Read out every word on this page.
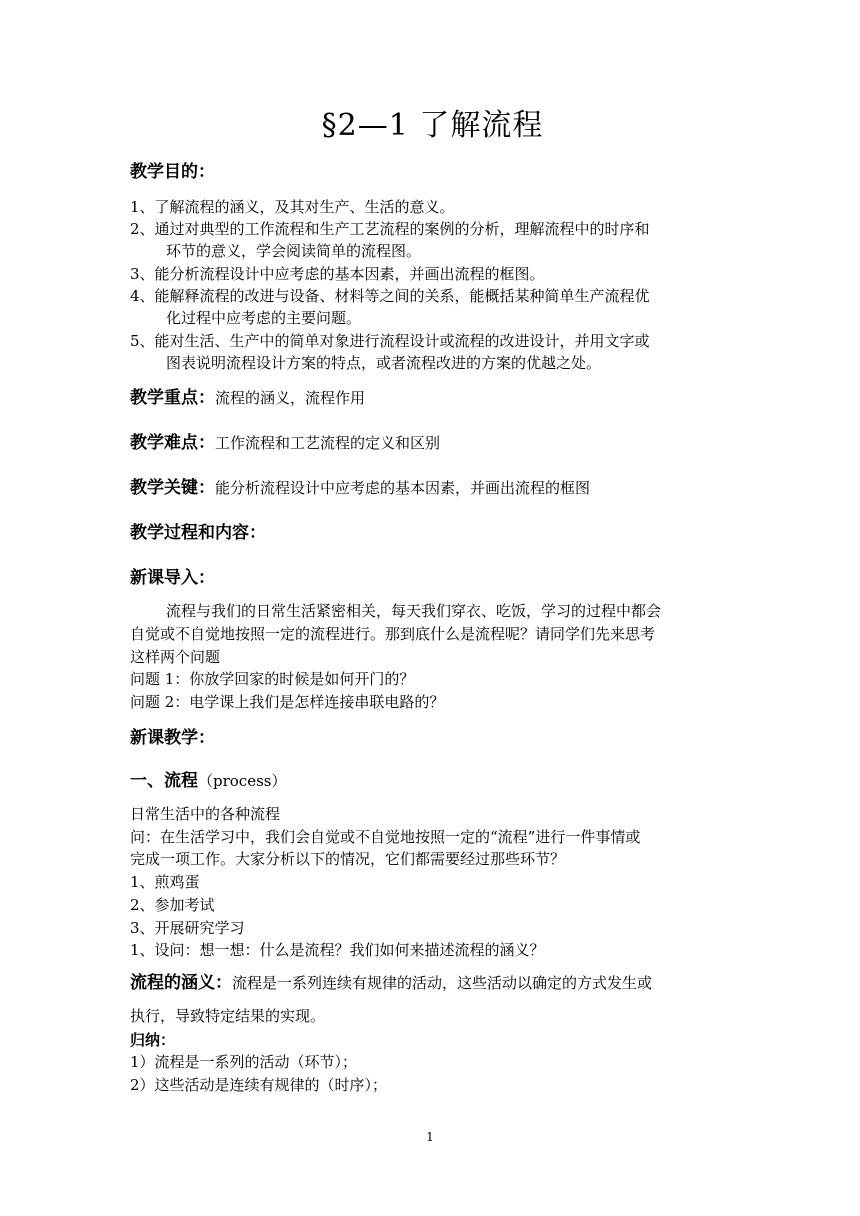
§2—1 了解流程
教学目的：
1、了解流程的涵义，及其对生产、生活的意义。
2、通过对典型的工作流程和生产工艺流程的案例的分析，理解流程中的时序和
环节的意义，学会阅读简单的流程图。
3、能分析流程设计中应考虑的基本因素，并画出流程的框图。
4、能解释流程的改进与设备、材料等之间的关系，能概括某种简单生产流程优
化过程中应考虑的主要问题。
5、能对生活、生产中的简单对象进行流程设计或流程的改进设计，并用文字或
图表说明流程设计方案的特点，或者流程改进的方案的优越之处。
教学重点：流程的涵义，流程作用
教学难点：工作流程和工艺流程的定义和区别
教学关键：能分析流程设计中应考虑的基本因素，并画出流程的框图
教学过程和内容：
新课导入：
流程与我们的日常生活紧密相关，每天我们穿衣、吃饭，学习的过程中都会
自觉或不自觉地按照一定的流程进行。那到底什么是流程呢？请同学们先来思考
这样两个问题
问题 1：你放学回家的时候是如何开门的？
问题 2：电学课上我们是怎样连接串联电路的？
新课教学：
一、流程（process）
日常生活中的各种流程
问：在生活学习中，我们会自觉或不自觉地按照一定的“流程”进行一件事情或
完成一项工作。大家分析以下的情况，它们都需要经过那些环节？
1、煎鸡蛋
2、参加考试
3、开展研究学习
1、设问：想一想：什么是流程？我们如何来描述流程的涵义？
流程的涵义：流程是一系列连续有规律的活动，这些活动以确定的方式发生或
执行，导致特定结果的实现。
归纳：
1）流程是一系列的活动（环节）；
2）这些活动是连续有规律的（时序）；
1
